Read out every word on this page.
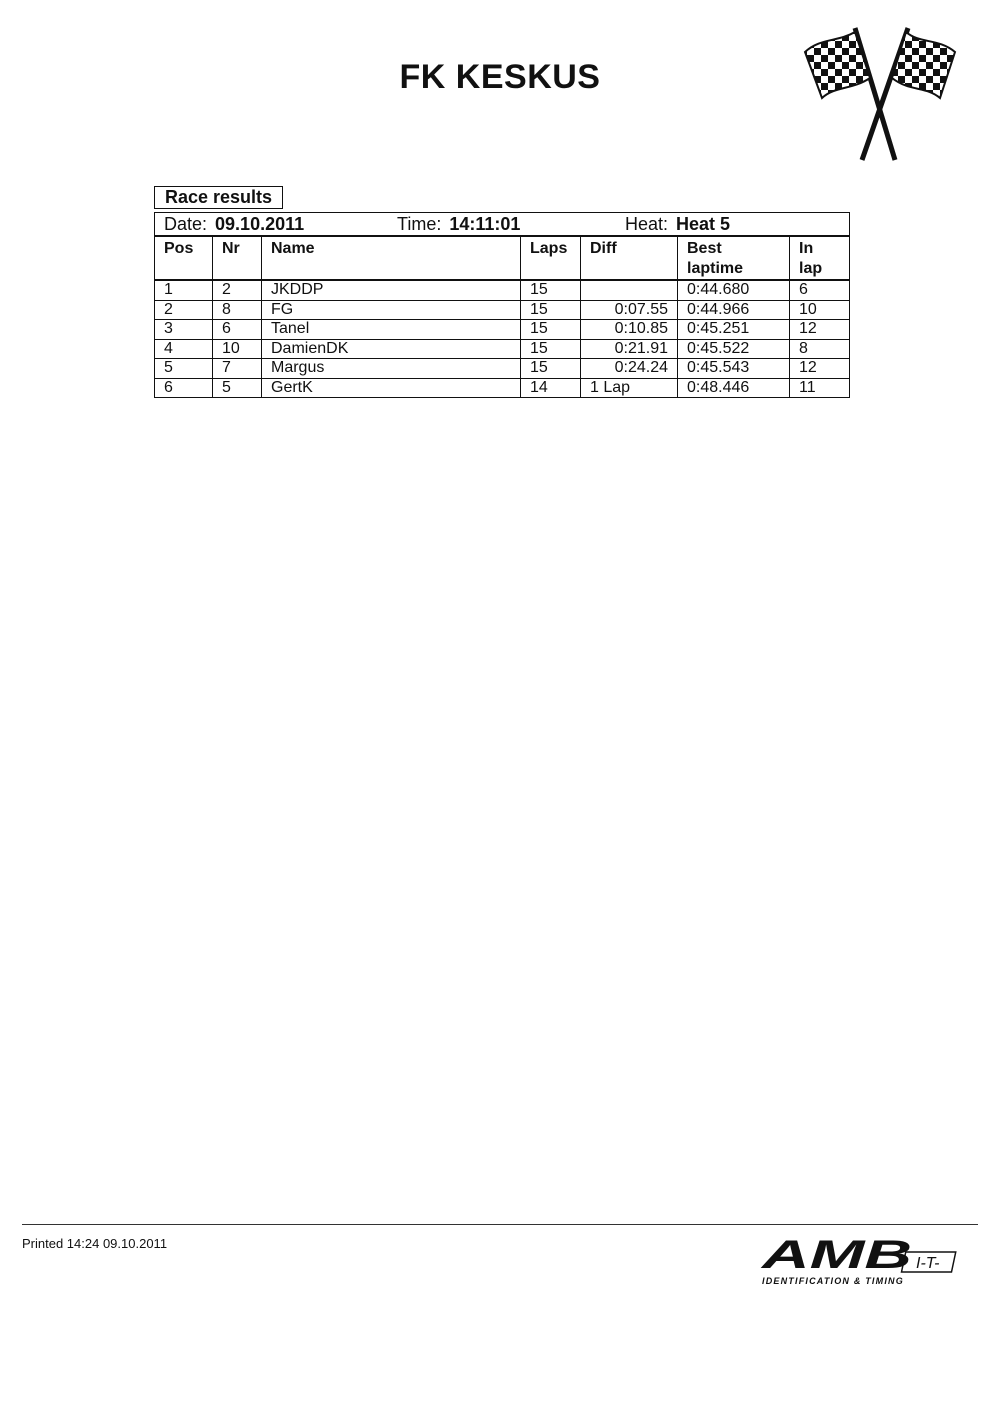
FK KESKUS
Race results
Date: 09.10.2011 Time: 14:11:01 Heat: Heat 5						

Pos	Nr	Name	Laps	Diff	Best laptime	In lap
1	2	JKDDP	15		0:44.680	6
2	8	FG	15	0:07.55	0:44.966	10
3	6	Tanel	15	0:10.85	0:45.251	12
4	10	DamienDK	15	0:21.91	0:45.522	8
5	7	Margus	15	0:24.24	0:45.543	12
6	5	GertK	14	1 Lap	0:48.446	11
Printed 14:24 09.10.2011	AMB I-T-
IDENTIFICATION & TIMING
